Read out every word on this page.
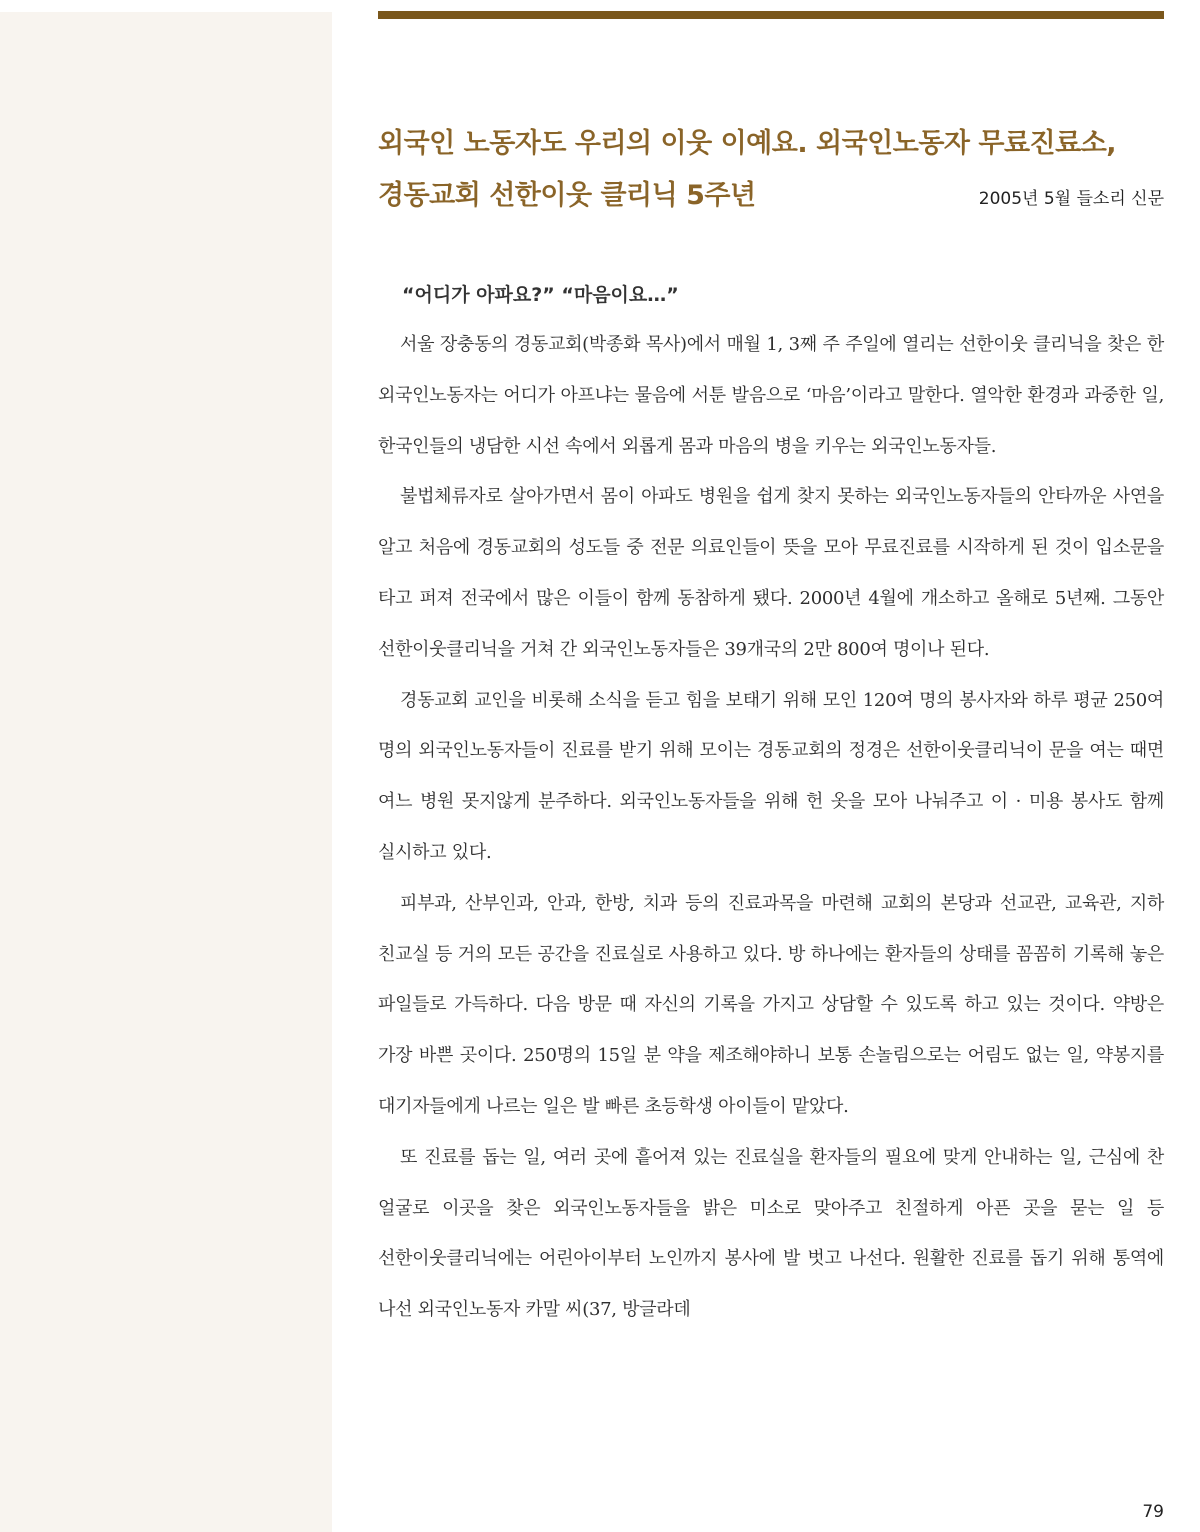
외국인 노동자도 우리의 이웃 이예요. 외국인노동자 무료진료소,
경동교회 선한이웃 클리닉 5주년	2005년 5월 들소리 신문
“어디가 아파요?” “마음이요…”

서울 장충동의 경동교회(박종화 목사)에서 매월 1, 3째 주 주일에 열리는 선한이웃 클리닉을 찾은 한 외국인노동자는 어디가 아프냐는 물음에 서툰 발음으로 ‘마음’이라고 말한다. 열악한 환경과 과중한 일, 한국인들의 냉담한 시선 속에서 외롭게 몸과 마음의 병을 키우는 외국인노동자들.

불법체류자로 살아가면서 몸이 아파도 병원을 쉽게 찾지 못하는 외국인노동자들의 안타까운 사연을 알고 처음에 경동교회의 성도들 중 전문 의료인들이 뜻을 모아 무료진료를 시작하게 된 것이 입소문을 타고 퍼져 전국에서 많은 이들이 함께 동참하게 됐다. 2000년 4월에 개소하고 올해로 5년째. 그동안 선한이웃클리닉을 거쳐 간 외국인노동자들은 39개국의 2만 800여 명이나 된다.

경동교회 교인을 비롯해 소식을 듣고 힘을 보태기 위해 모인 120여 명의 봉사자와 하루 평균 250여 명의 외국인노동자들이 진료를 받기 위해 모이는 경동교회의 정경은 선한이웃클리닉이 문을 여는 때면 여느 병원 못지않게 분주하다. 외국인노동자들을 위해 헌 옷을 모아 나눠주고 이 · 미용 봉사도 함께 실시하고 있다.

피부과, 산부인과, 안과, 한방, 치과 등의 진료과목을 마련해 교회의 본당과 선교관, 교육관, 지하 친교실 등 거의 모든 공간을 진료실로 사용하고 있다. 방 하나에는 환자들의 상태를 꼼꼼히 기록해 놓은 파일들로 가득하다. 다음 방문 때 자신의 기록을 가지고 상담할 수 있도록 하고 있는 것이다. 약방은 가장 바쁜 곳이다. 250명의 15일 분 약을 제조해야하니 보통 손놀림으로는 어림도 없는 일, 약봉지를 대기자들에게 나르는 일은 발 빠른 초등학생 아이들이 맡았다.

또 진료를 돕는 일, 여러 곳에 흩어져 있는 진료실을 환자들의 필요에 맞게 안내하는 일, 근심에 찬 얼굴로 이곳을 찾은 외국인노동자들을 밝은 미소로 맞아주고 친절하게 아픈 곳을 묻는 일 등 선한이웃클리닉에는 어린아이부터 노인까지 봉사에 발 벗고 나선다. 원활한 진료를 돕기 위해 통역에 나선 외국인노동자 카말 씨(37, 방글라데

79
